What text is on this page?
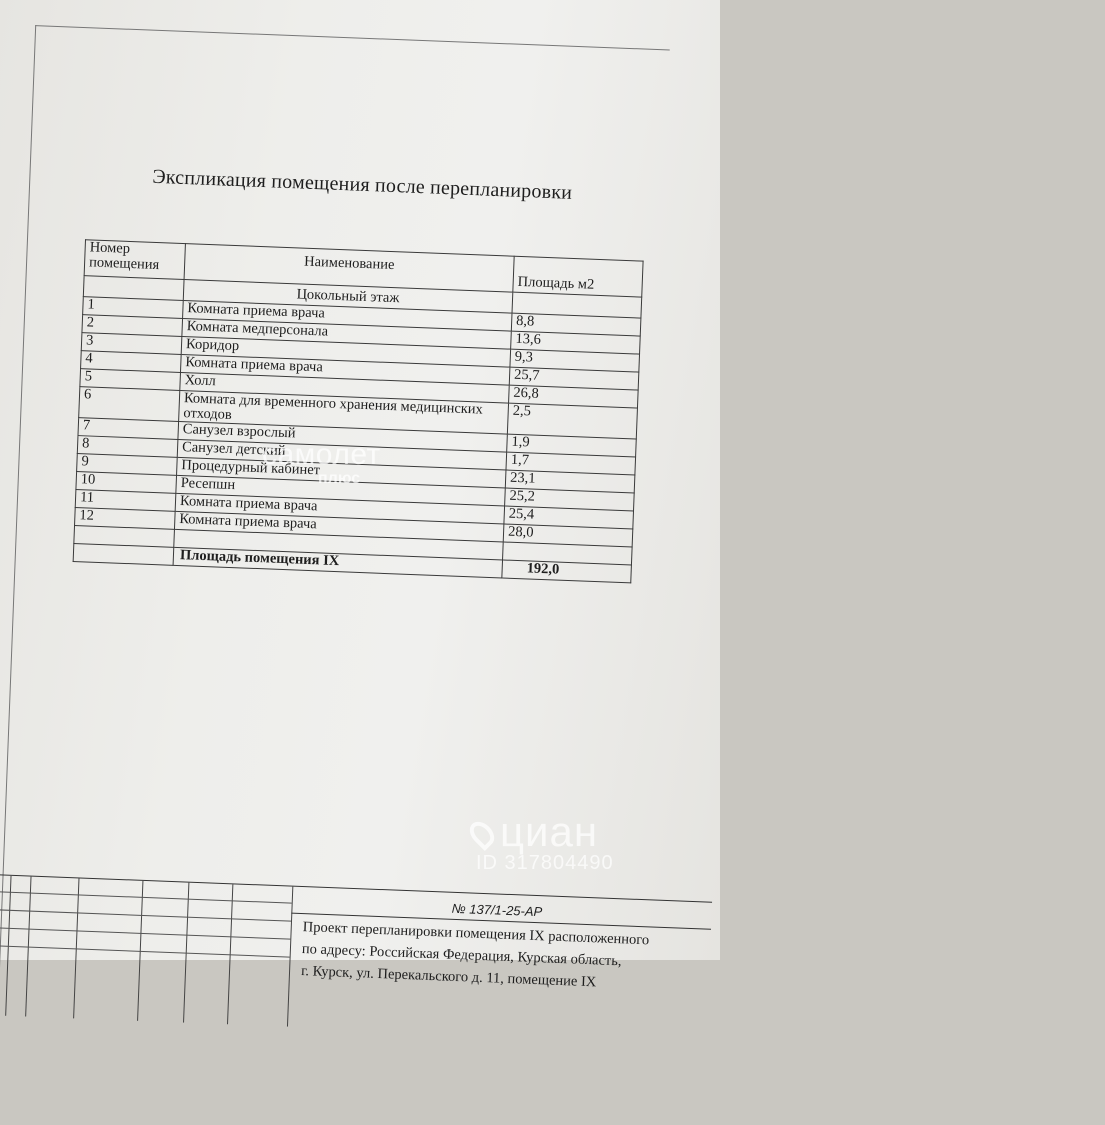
Экспликация помещения после перепланировки
Номер помещения	Наименование	Площадь м2
	Цокольный этаж	
1	Комната приема врача	8,8
2	Комната медперсонала	13,6
3	Коридор	9,3
4	Комната приема врача	25,7
5	Холл	26,8
6	Комната для временного хранения медицинских отходов	2,5
7	Санузел взрослый	1,9
8	Санузел детский	1,7
9	Процедурный кабинет	23,1
10	Ресепшн	25,2
11	Комната приема врача	25,4
12	Комната приема врача	28,0

	Площадь помещения IX	192,0
№ 137/1-25-АР
Проект перепланировки помещения IX расположенного
по адресу: Российская Федерация, Курская область,
г. Курск, ул. Перекальского д. 11, помещение IX
самолет
плюс
циан
ID 317804490
